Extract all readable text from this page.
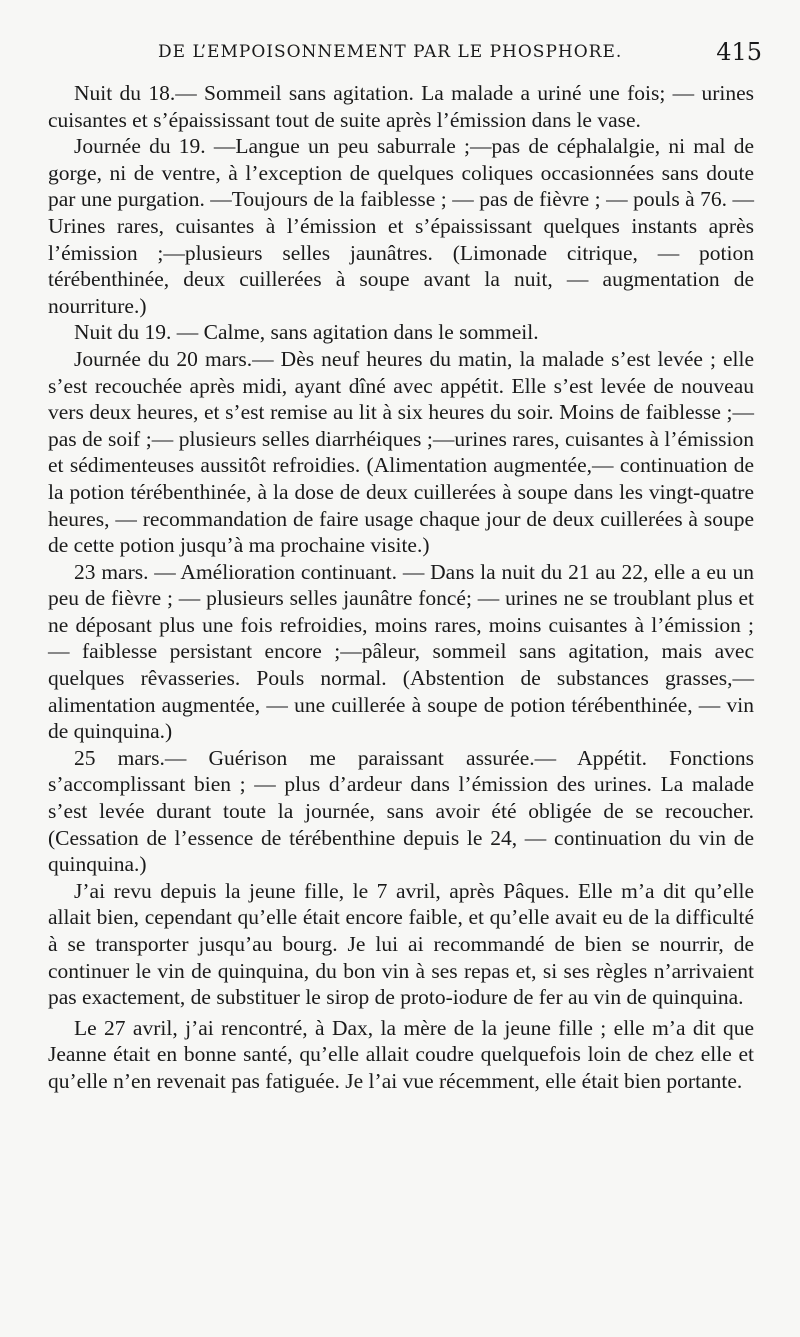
DE L’EMPOISONNEMENT PAR LE PHOSPHORE.	415

Nuit du 18.— Sommeil sans agitation. La malade a uriné une fois; — urines cuisantes et s’épaississant tout de suite après l’émission dans le vase.

Journée du 19. —Langue un peu saburrale ;—pas de céphalalgie, ni mal de gorge, ni de ventre, à l’exception de quelques coliques occasionnées sans doute par une purgation. —Toujours de la faiblesse ; — pas de fièvre ; — pouls à 76. — Urines rares, cuisantes à l’émission et s’épaississant quelques instants après l’émission ;—plusieurs selles jaunâtres. (Limonade citrique, — potion térébenthinée, deux cuillerées à soupe avant la nuit, — augmentation de nourriture.)

Nuit du 19. — Calme, sans agitation dans le sommeil.

Journée du 20 mars.— Dès neuf heures du matin, la malade s’est levée ; elle s’est recouchée après midi, ayant dîné avec appétit. Elle s’est levée de nouveau vers deux heures, et s’est remise au lit à six heures du soir. Moins de faiblesse ;— pas de soif ;— plusieurs selles diarrhéiques ;—urines rares, cuisantes à l’émission et sédimenteuses aussitôt refroidies. (Alimentation augmentée,— continuation de la potion térébenthinée, à la dose de deux cuillerées à soupe dans les vingt-quatre heures, — recommandation de faire usage chaque jour de deux cuillerées à soupe de cette potion jusqu’à ma prochaine visite.)

23 mars. — Amélioration continuant. — Dans la nuit du 21 au 22, elle a eu un peu de fièvre ; — plusieurs selles jaunâtre foncé; — urines ne se troublant plus et ne déposant plus une fois refroidies, moins rares, moins cuisantes à l’émission ; — faiblesse persistant encore ;—pâleur, sommeil sans agitation, mais avec quelques rêvasseries. Pouls normal. (Abstention de substances grasses,— alimentation augmentée, — une cuillerée à soupe de potion térébenthinée, — vin de quinquina.)

25 mars.— Guérison me paraissant assurée.— Appétit. Fonctions s’accomplissant bien ; — plus d’ardeur dans l’émission des urines. La malade s’est levée durant toute la journée, sans avoir été obligée de se recoucher. (Cessation de l’essence de térébenthine depuis le 24, — continuation du vin de quinquina.)

J’ai revu depuis la jeune fille, le 7 avril, après Pâques. Elle m’a dit qu’elle allait bien, cependant qu’elle était encore faible, et qu’elle avait eu de la difficulté à se transporter jusqu’au bourg. Je lui ai recommandé de bien se nourrir, de continuer le vin de quinquina, du bon vin à ses repas et, si ses règles n’arrivaient pas exactement, de substituer le sirop de proto-iodure de fer au vin de quinquina.

Le 27 avril, j’ai rencontré, à Dax, la mère de la jeune fille ; elle m’a dit que Jeanne était en bonne santé, qu’elle allait coudre quelquefois loin de chez elle et qu’elle n’en revenait pas fatiguée. Je l’ai vue récemment, elle était bien portante.
